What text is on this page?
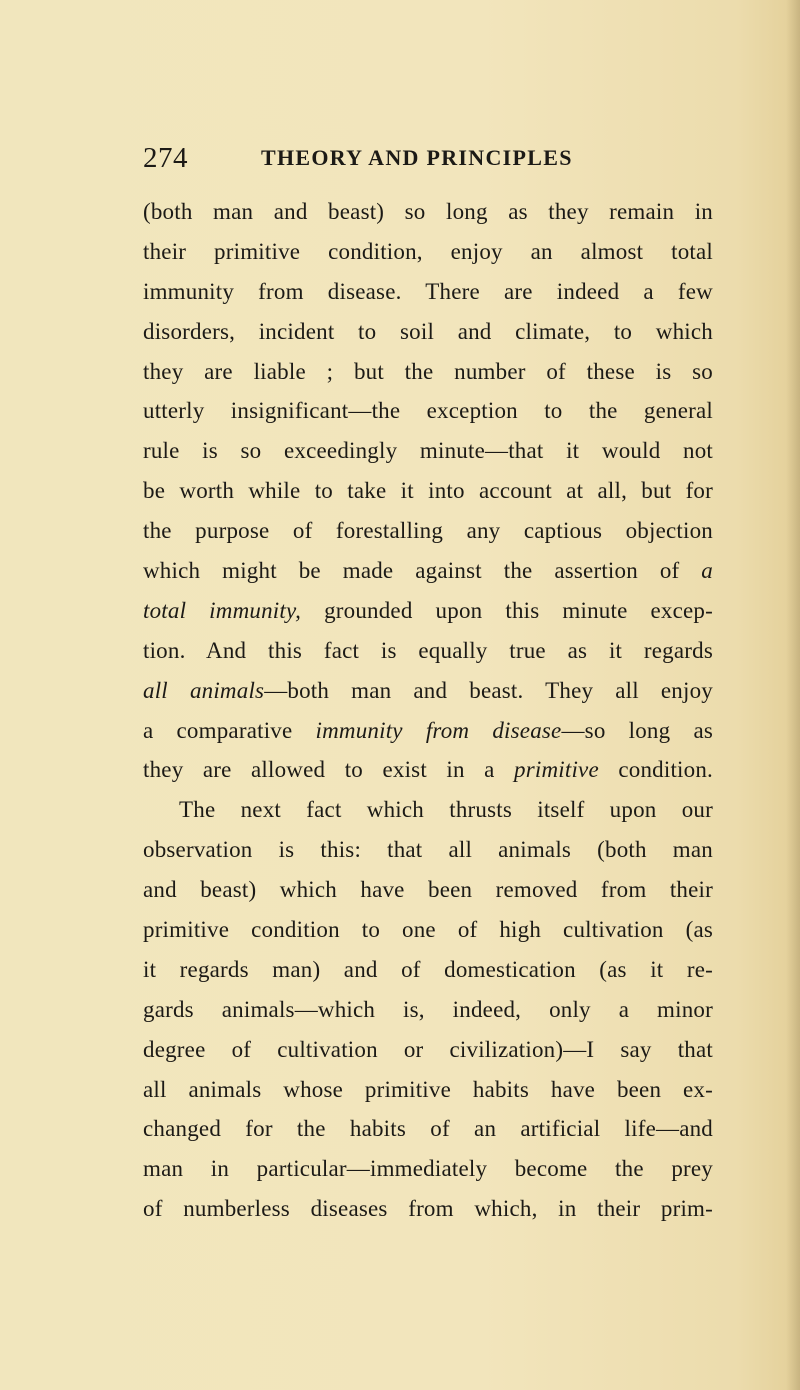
274	THEORY AND PRINCIPLES
(both man and beast) so long as they remain in
their primitive condition, enjoy an almost total
immunity from disease. There are indeed a few
disorders, incident to soil and climate, to which
they are liable ; but the number of these is so
utterly insignificant—the exception to the general
rule is so exceedingly minute—that it would not
be worth while to take it into account at all, but for
the purpose of forestalling any captious objection
which might be made against the assertion of a
total immunity, grounded upon this minute excep-
tion. And this fact is equally true as it regards
all animals—both man and beast. They all enjoy
a comparative immunity from disease—so long as
they are allowed to exist in a primitive condition.
The next fact which thrusts itself upon our
observation is this: that all animals (both man
and beast) which have been removed from their
primitive condition to one of high cultivation (as
it regards man) and of domestication (as it re-
gards animals—which is, indeed, only a minor
degree of cultivation or civilization)—I say that
all animals whose primitive habits have been ex-
changed for the habits of an artificial life—and
man in particular—immediately become the prey
of numberless diseases from which, in their prim-
